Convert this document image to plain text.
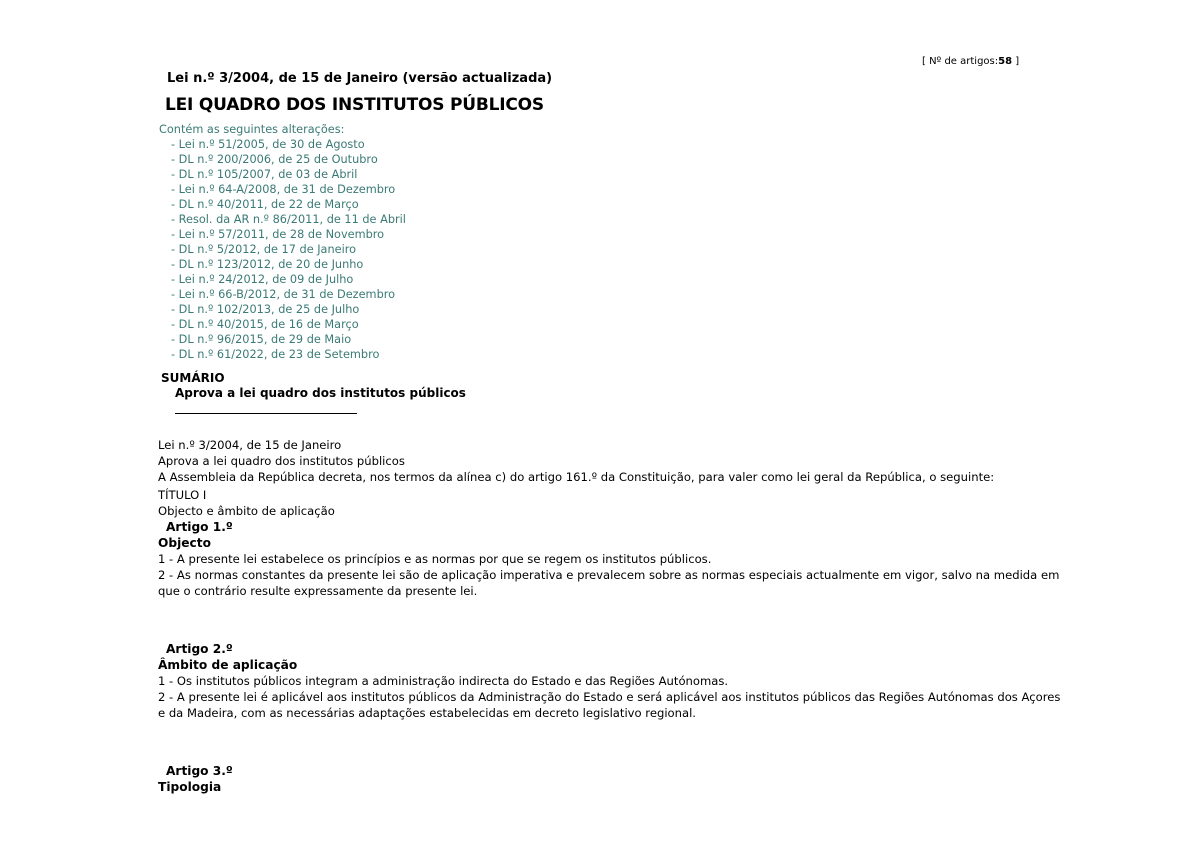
[ Nº de artigos:58 ]
Lei n.º 3/2004, de 15 de Janeiro (versão actualizada)
LEI QUADRO DOS INSTITUTOS PÚBLICOS
Contém as seguintes alterações:
- Lei n.º 51/2005, de 30 de Agosto
- DL n.º 200/2006, de 25 de Outubro
- DL n.º 105/2007, de 03 de Abril
- Lei n.º 64-A/2008, de 31 de Dezembro
- DL n.º 40/2011, de 22 de Março
- Resol. da AR n.º 86/2011, de 11 de Abril
- Lei n.º 57/2011, de 28 de Novembro
- DL n.º 5/2012, de 17 de Janeiro
- DL n.º 123/2012, de 20 de Junho
- Lei n.º 24/2012, de 09 de Julho
- Lei n.º 66-B/2012, de 31 de Dezembro
- DL n.º 102/2013, de 25 de Julho
- DL n.º 40/2015, de 16 de Março
- DL n.º 96/2015, de 29 de Maio
- DL n.º 61/2022, de 23 de Setembro
SUMÁRIO
Aprova a lei quadro dos institutos públicos

Lei n.º 3/2004, de 15 de Janeiro

Aprova a lei quadro dos institutos públicos

A Assembleia da República decreta, nos termos da alínea c) do artigo 161.º da Constituição, para valer como lei geral da República, o seguinte:

TÍTULO I

Objecto e âmbito de aplicação

Artigo 1.º

Objecto

1 - A presente lei estabelece os princípios e as normas por que se regem os institutos públicos.

2 - As normas constantes da presente lei são de aplicação imperativa e prevalecem sobre as normas especiais actualmente em vigor, salvo na medida em que o contrário resulte expressamente da presente lei.

Artigo 2.º

Âmbito de aplicação

1 - Os institutos públicos integram a administração indirecta do Estado e das Regiões Autónomas.

2 - A presente lei é aplicável aos institutos públicos da Administração do Estado e será aplicável aos institutos públicos das Regiões Autónomas dos Açores e da Madeira, com as necessárias adaptações estabelecidas em decreto legislativo regional.

Artigo 3.º

Tipologia
